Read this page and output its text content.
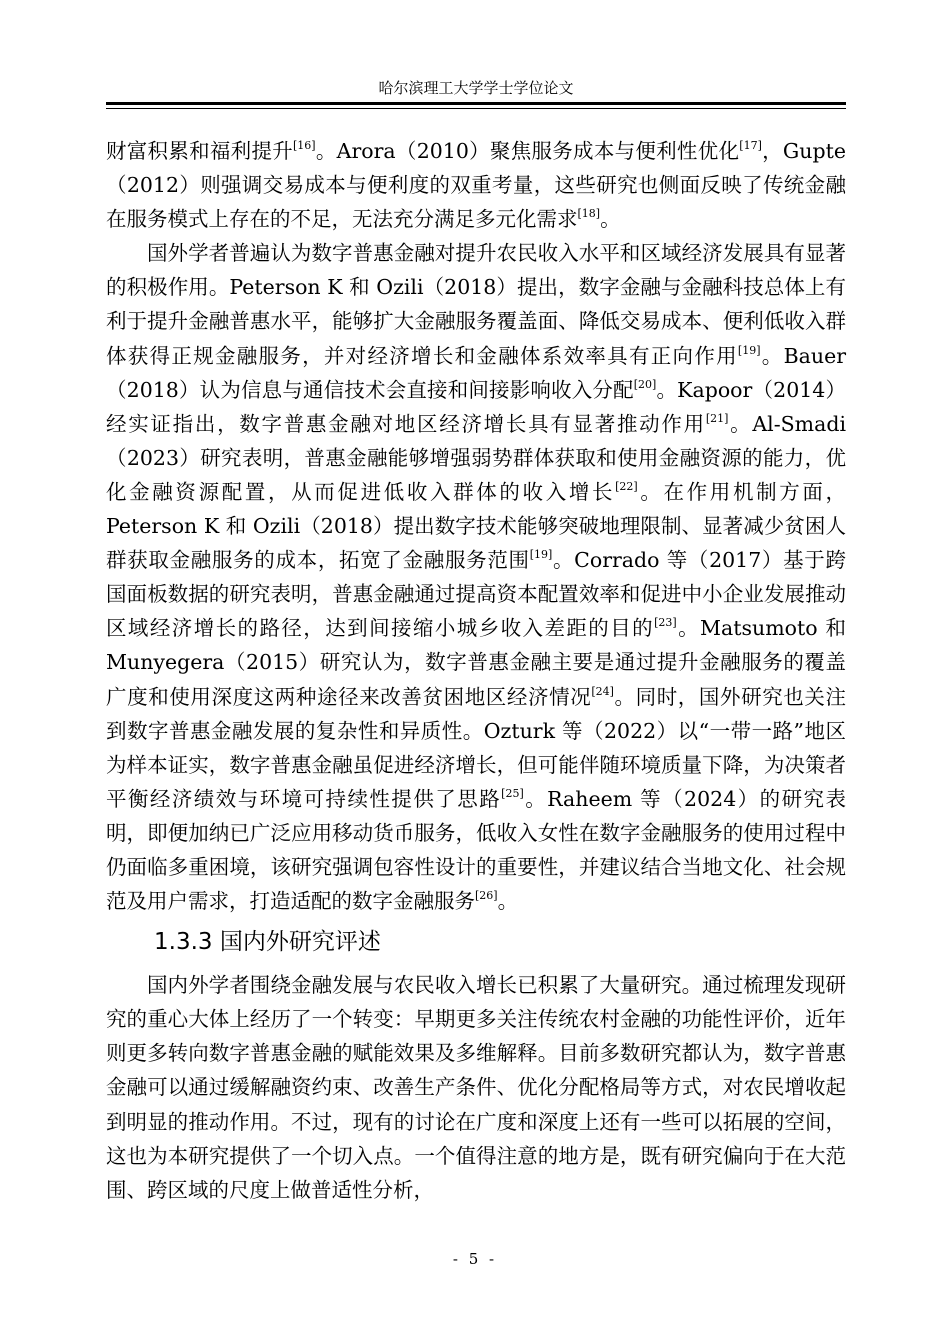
哈尔滨理工大学学士学位论文

财富积累和福利提升[16]。Arora（2010）聚焦服务成本与便利性优化[17]，Gupte（2012）则强调交易成本与便利度的双重考量，这些研究也侧面反映了传统金融在服务模式上存在的不足，无法充分满足多元化需求[18]。

国外学者普遍认为数字普惠金融对提升农民收入水平和区域经济发展具有显著的积极作用。Peterson K 和 Ozili（2018）提出，数字金融与金融科技总体上有利于提升金融普惠水平，能够扩大金融服务覆盖面、降低交易成本、便利低收入群体获得正规金融服务，并对经济增长和金融体系效率具有正向作用[19]。Bauer（2018）认为信息与通信技术会直接和间接影响收入分配[20]。Kapoor（2014）经实证指出，数字普惠金融对地区经济增长具有显著推动作用[21]。Al-Smadi（2023）研究表明，普惠金融能够增强弱势群体获取和使用金融资源的能力，优化金融资源配置，从而促进低收入群体的收入增长[22]。在作用机制方面，Peterson K 和 Ozili（2018）提出数字技术能够突破地理限制、显著减少贫困人群获取金融服务的成本，拓宽了金融服务范围[19]。Corrado 等（2017）基于跨国面板数据的研究表明，普惠金融通过提高资本配置效率和促进中小企业发展推动区域经济增长的路径，达到间接缩小城乡收入差距的目的[23]。Matsumoto 和 Munyegera（2015）研究认为，数字普惠金融主要是通过提升金融服务的覆盖广度和使用深度这两种途径来改善贫困地区经济情况[24]。同时，国外研究也关注到数字普惠金融发展的复杂性和异质性。Ozturk 等（2022）以“一带一路”地区为样本证实，数字普惠金融虽促进经济增长，但可能伴随环境质量下降，为决策者平衡经济绩效与环境可持续性提供了思路[25]。Raheem 等（2024）的研究表明，即便加纳已广泛应用移动货币服务，低收入女性在数字金融服务的使用过程中仍面临多重困境，该研究强调包容性设计的重要性，并建议结合当地文化、社会规范及用户需求，打造适配的数字金融服务[26]。

1.3.3 国内外研究评述

国内外学者围绕金融发展与农民收入增长已积累了大量研究。通过梳理发现研究的重心大体上经历了一个转变：早期更多关注传统农村金融的功能性评价，近年则更多转向数字普惠金融的赋能效果及多维解释。目前多数研究都认为，数字普惠金融可以通过缓解融资约束、改善生产条件、优化分配格局等方式，对农民增收起到明显的推动作用。不过，现有的讨论在广度和深度上还有一些可以拓展的空间，这也为本研究提供了一个切入点。一个值得注意的地方是，既有研究偏向于在大范围、跨区域的尺度上做普适性分析，

- 5 -
